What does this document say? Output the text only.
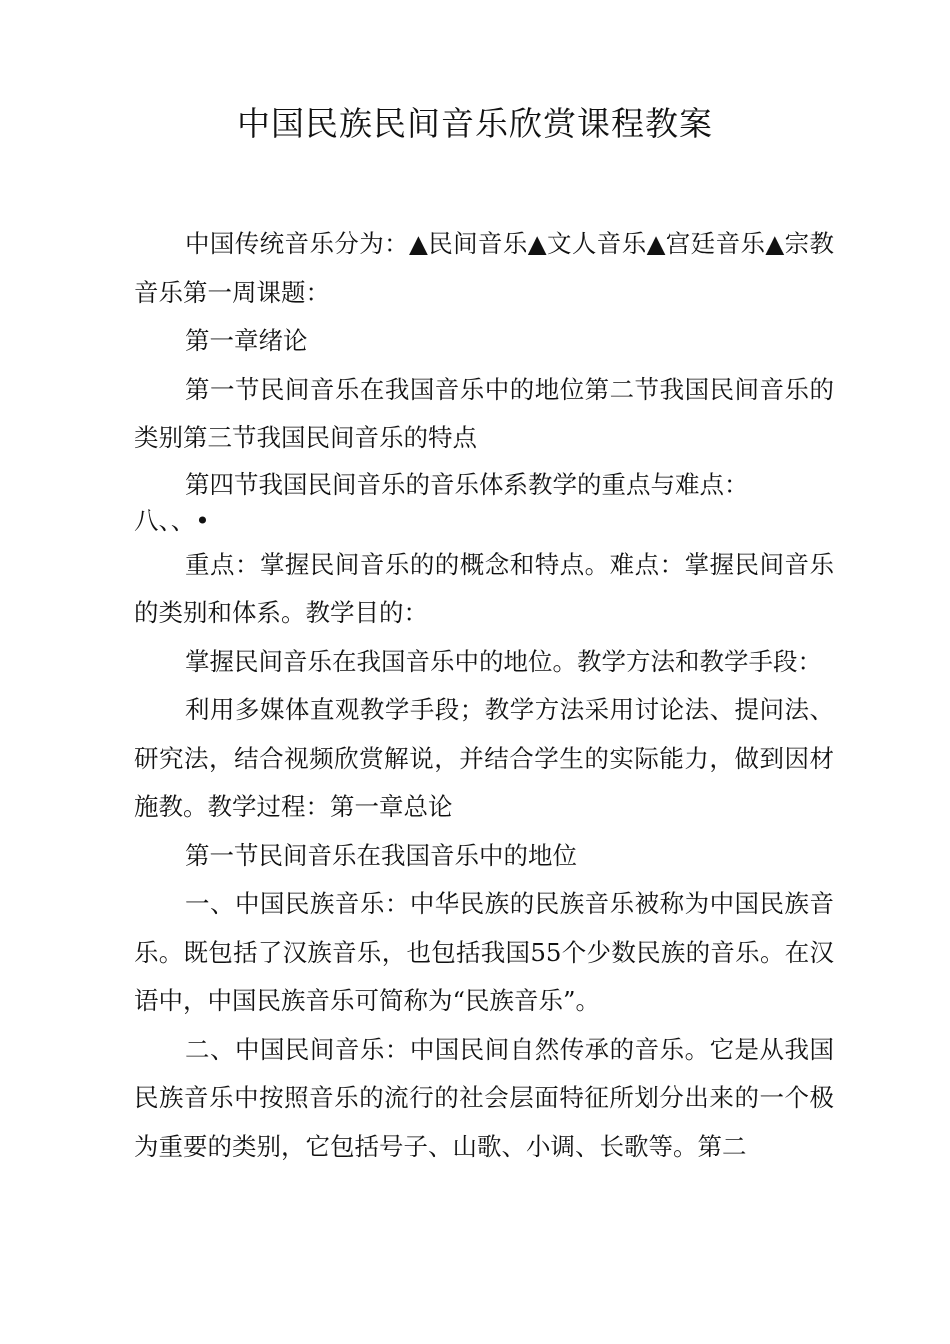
中国民族民间音乐欣赏课程教案

中国传统音乐分为：▲民间音乐▲文人音乐▲宫廷音乐▲宗教音乐第一周课题：

第一章绪论

第一节民间音乐在我国音乐中的地位第二节我国民间音乐的类别第三节我国民间音乐的特点

第四节我国民间音乐的音乐体系教学的重点与难点：

八、、•

重点：掌握民间音乐的的概念和特点。难点：掌握民间音乐的类别和体系。教学目的：

掌握民间音乐在我国音乐中的地位。教学方法和教学手段：

利用多媒体直观教学手段；教学方法采用讨论法、提问法、研究法，结合视频欣赏解说，并结合学生的实际能力，做到因材施教。教学过程：第一章总论

第一节民间音乐在我国音乐中的地位

一、中国民族音乐：中华民族的民族音乐被称为中国民族音乐。既包括了汉族音乐，也包括我国55个少数民族的音乐。在汉语中，中国民族音乐可简称为“民族音乐”。

二、中国民间音乐：中国民间自然传承的音乐。它是从我国民族音乐中按照音乐的流行的社会层面特征所划分出来的一个极为重要的类别，它包括号子、山歌、小调、长歌等。第二
